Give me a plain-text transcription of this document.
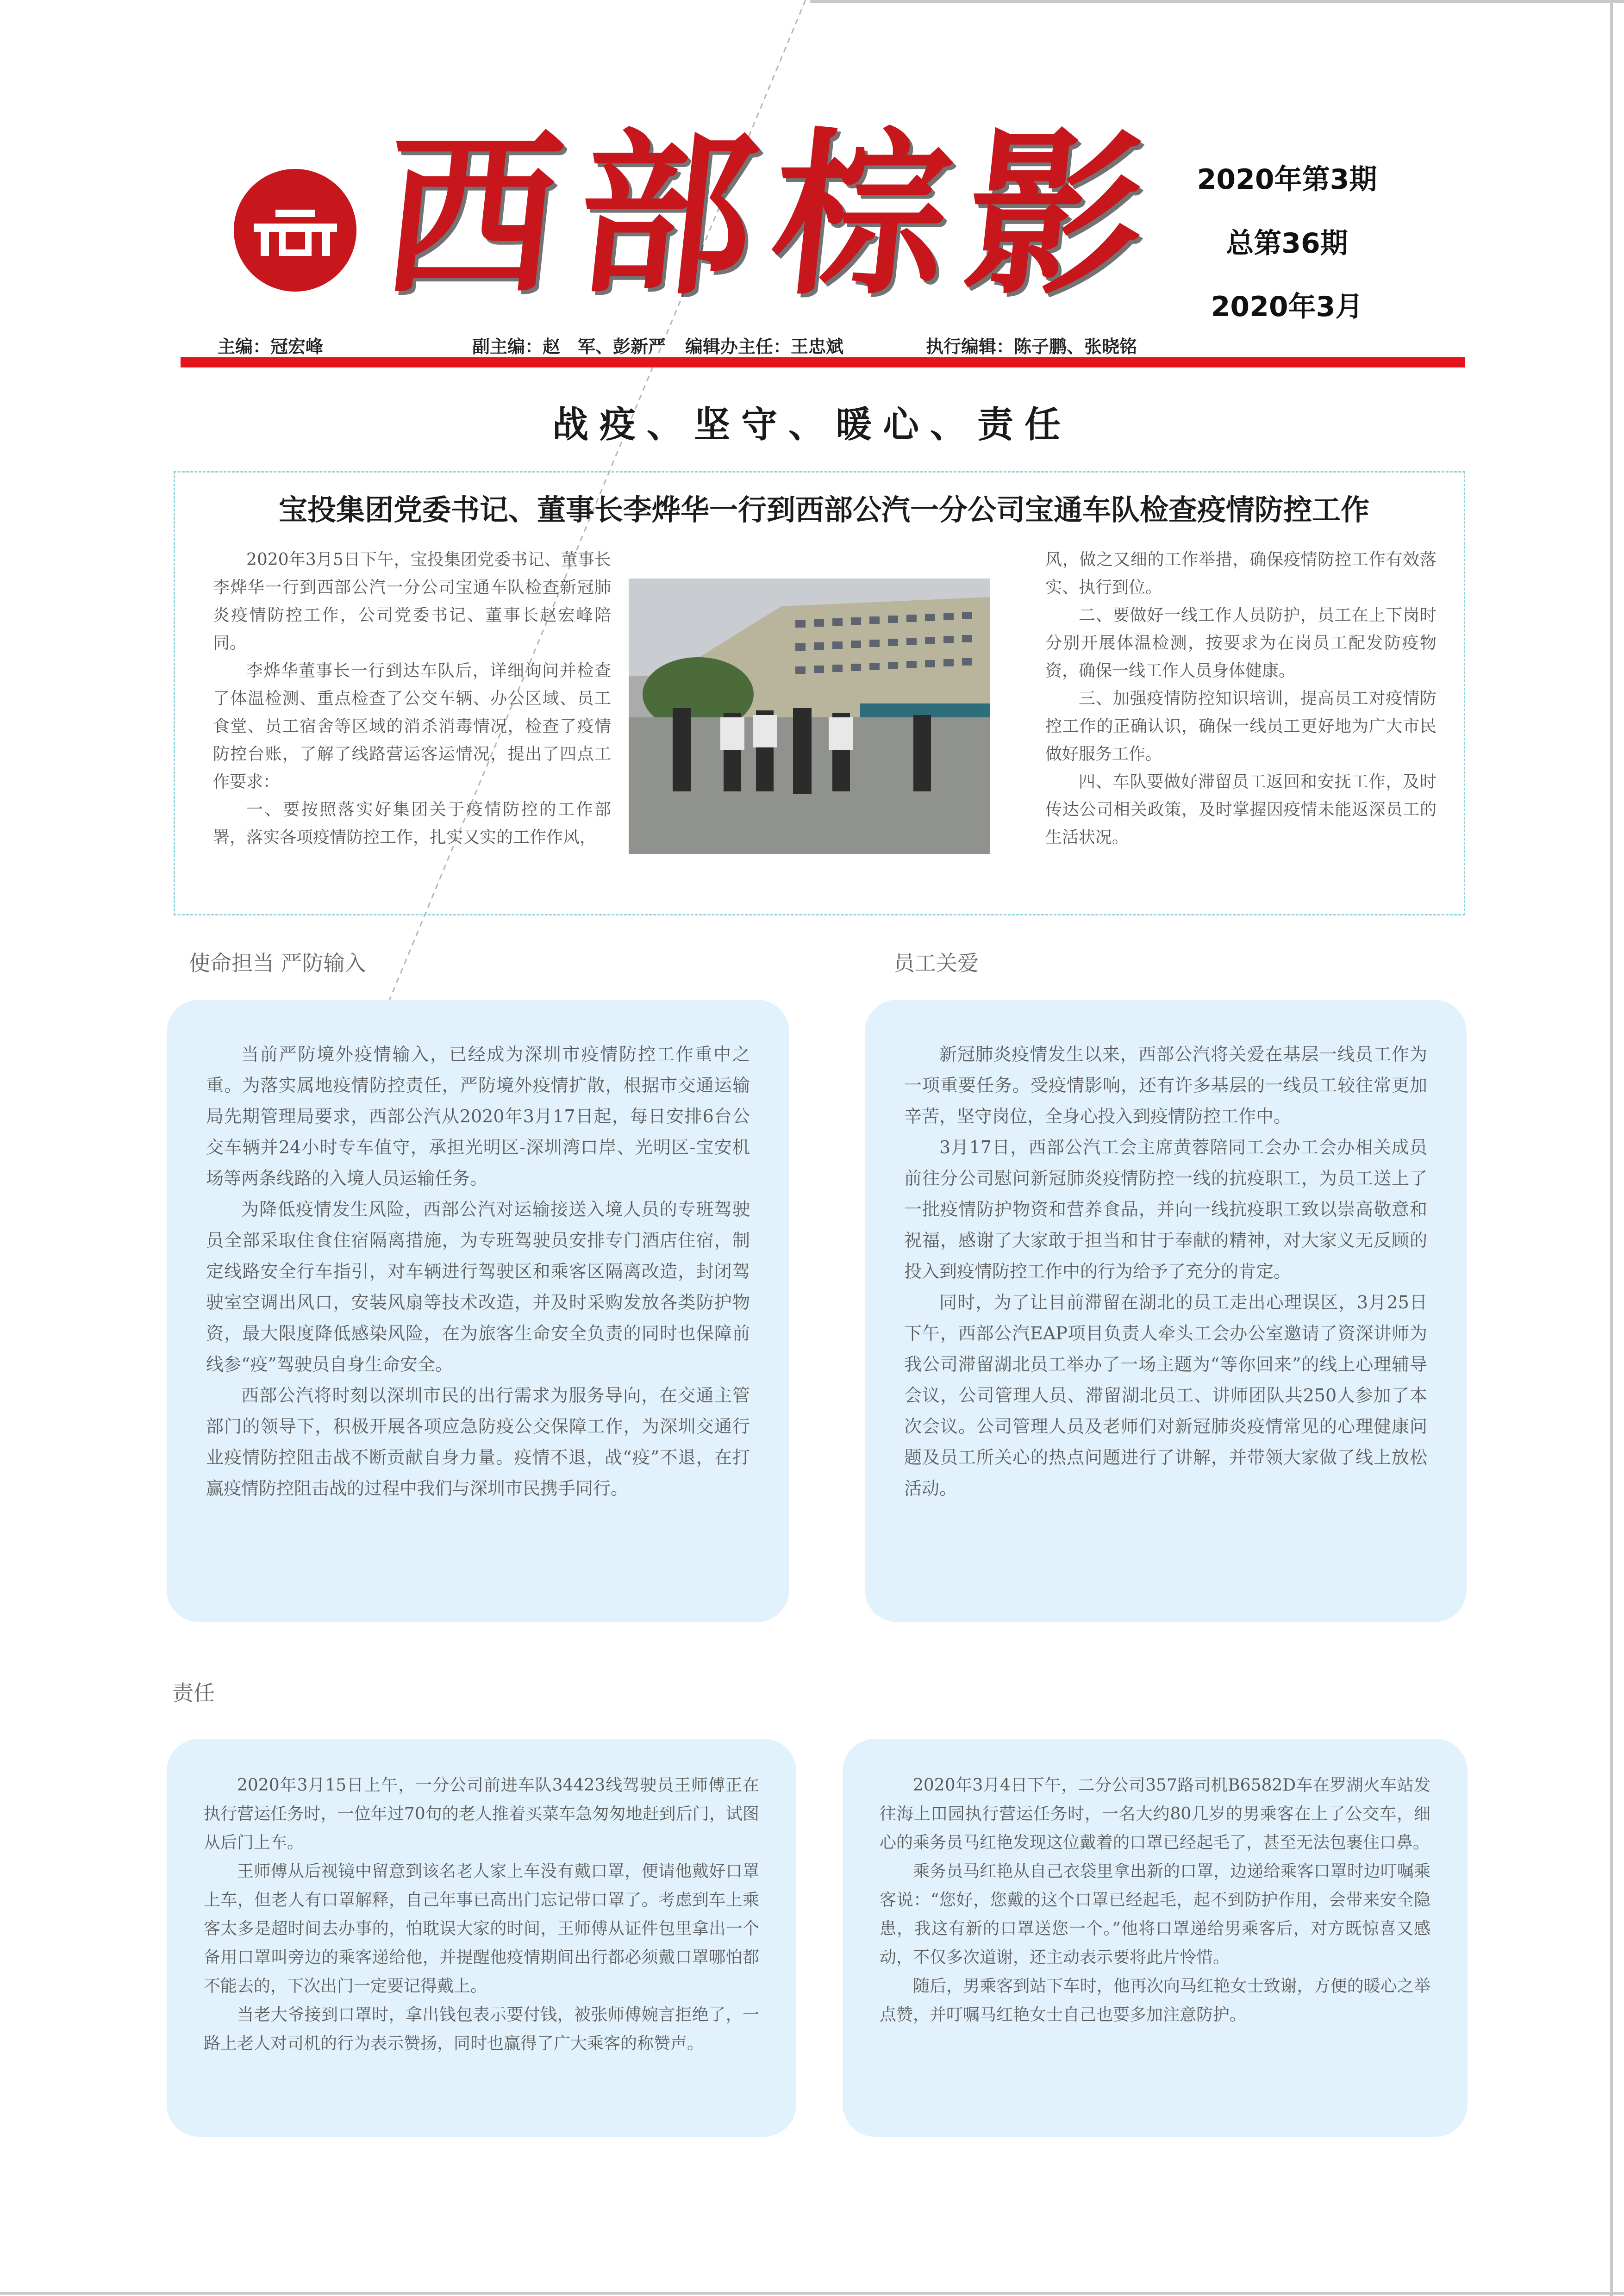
西部棕影 2020年第3期
总第36期
2020年3月
主编：冠宏峰	副主编：赵　军、彭新严 编辑办主任：王忠斌	执行编辑：陈子鹏、张晓铭
战疫、坚守、暖心、责任
宝投集团党委书记、董事长李烨华一行到西部公汽一分公司宝通车队检查疫情防控工作

2020年3月5日下午，宝投集团党委书记、董事长李烨华一行到西部公汽一分公司宝通车队检查新冠肺炎疫情防控工作，公司党委书记、董事长赵宏峰陪同。

李烨华董事长一行到达车队后，详细询问并检查了体温检测、重点检查了公交车辆、办公区域、员工食堂、员工宿舍等区域的消杀消毒情况，检查了疫情防控台账，了解了线路营运客运情况，提出了四点工作要求：

一、要按照落实好集团关于疫情防控的工作部署，落实各项疫情防控工作，扎实又实的工作作风，

风，做之又细的工作举措，确保疫情防控工作有效落实、执行到位。

二、要做好一线工作人员防护，员工在上下岗时分别开展体温检测，按要求为在岗员工配发防疫物资，确保一线工作人员身体健康。

三、加强疫情防控知识培训，提高员工对疫情防控工作的正确认识，确保一线员工更好地为广大市民做好服务工作。

四、车队要做好滞留员工返回和安抚工作，及时传达公司相关政策，及时掌握因疫情未能返深员工的生活状况。

使命担当 严防输入

当前严防境外疫情输入，已经成为深圳市疫情防控工作重中之重。为落实属地疫情防控责任，严防境外疫情扩散，根据市交通运输局先期管理局要求，西部公汽从2020年3月17日起，每日安排6台公交车辆并24小时专车值守，承担光明区-深圳湾口岸、光明区-宝安机场等两条线路的入境人员运输任务。

为降低疫情发生风险，西部公汽对运输接送入境人员的专班驾驶员全部采取住食住宿隔离措施，为专班驾驶员安排专门酒店住宿，制定线路安全行车指引，对车辆进行驾驶区和乘客区隔离改造，封闭驾驶室空调出风口，安装风扇等技术改造，并及时采购发放各类防护物资，最大限度降低感染风险，在为旅客生命安全负责的同时也保障前线参“疫”驾驶员自身生命安全。

西部公汽将时刻以深圳市民的出行需求为服务导向，在交通主管部门的领导下，积极开展各项应急防疫公交保障工作，为深圳交通行业疫情防控阻击战不断贡献自身力量。疫情不退，战“疫”不退，在打赢疫情防控阻击战的过程中我们与深圳市民携手同行。

员工关爱

新冠肺炎疫情发生以来，西部公汽将关爱在基层一线员工作为一项重要任务。受疫情影响，还有许多基层的一线员工较往常更加辛苦，坚守岗位，全身心投入到疫情防控工作中。

3月17日，西部公汽工会主席黄蓉陪同工会办工会办相关成员前往分公司慰问新冠肺炎疫情防控一线的抗疫职工，为员工送上了一批疫情防护物资和营养食品，并向一线抗疫职工致以崇高敬意和祝福，感谢了大家敢于担当和甘于奉献的精神，对大家义无反顾的投入到疫情防控工作中的行为给予了充分的肯定。

同时，为了让目前滞留在湖北的员工走出心理误区，3月25日下午，西部公汽EAP项目负责人牵头工会办公室邀请了资深讲师为我公司滞留湖北员工举办了一场主题为“等你回来”的线上心理辅导会议，公司管理人员、滞留湖北员工、讲师团队共250人参加了本次会议。公司管理人员及老师们对新冠肺炎疫情常见的心理健康问题及员工所关心的热点问题进行了讲解，并带领大家做了线上放松活动。

责任

2020年3月15日上午，一分公司前进车队34423线驾驶员王师傅正在执行营运任务时，一位年过70旬的老人推着买菜车急匆匆地赶到后门，试图从后门上车。

王师傅从后视镜中留意到该名老人家上车没有戴口罩，便请他戴好口罩上车，但老人有口罩解释，自己年事已高出门忘记带口罩了。考虑到车上乘客太多是超时间去办事的，怕耽误大家的时间，王师傅从证件包里拿出一个备用口罩叫旁边的乘客递给他，并提醒他疫情期间出行都必须戴口罩哪怕都不能去的，下次出门一定要记得戴上。

当老大爷接到口罩时，拿出钱包表示要付钱，被张师傅婉言拒绝了，一路上老人对司机的行为表示赞扬，同时也赢得了广大乘客的称赞声。

2020年3月4日下午，二分公司357路司机B6582D车在罗湖火车站发往海上田园执行营运任务时，一名大约80几岁的男乘客在上了公交车，细心的乘务员马红艳发现这位戴着的口罩已经起毛了，甚至无法包裹住口鼻。

乘务员马红艳从自己衣袋里拿出新的口罩，边递给乘客口罩时边叮嘱乘客说：“您好，您戴的这个口罩已经起毛，起不到防护作用，会带来安全隐患，我这有新的口罩送您一个。”他将口罩递给男乘客后，对方既惊喜又感动，不仅多次道谢，还主动表示要将此片怜惜。

随后，男乘客到站下车时，他再次向马红艳女士致谢，方便的暖心之举点赞，并叮嘱马红艳女士自己也要多加注意防护。
